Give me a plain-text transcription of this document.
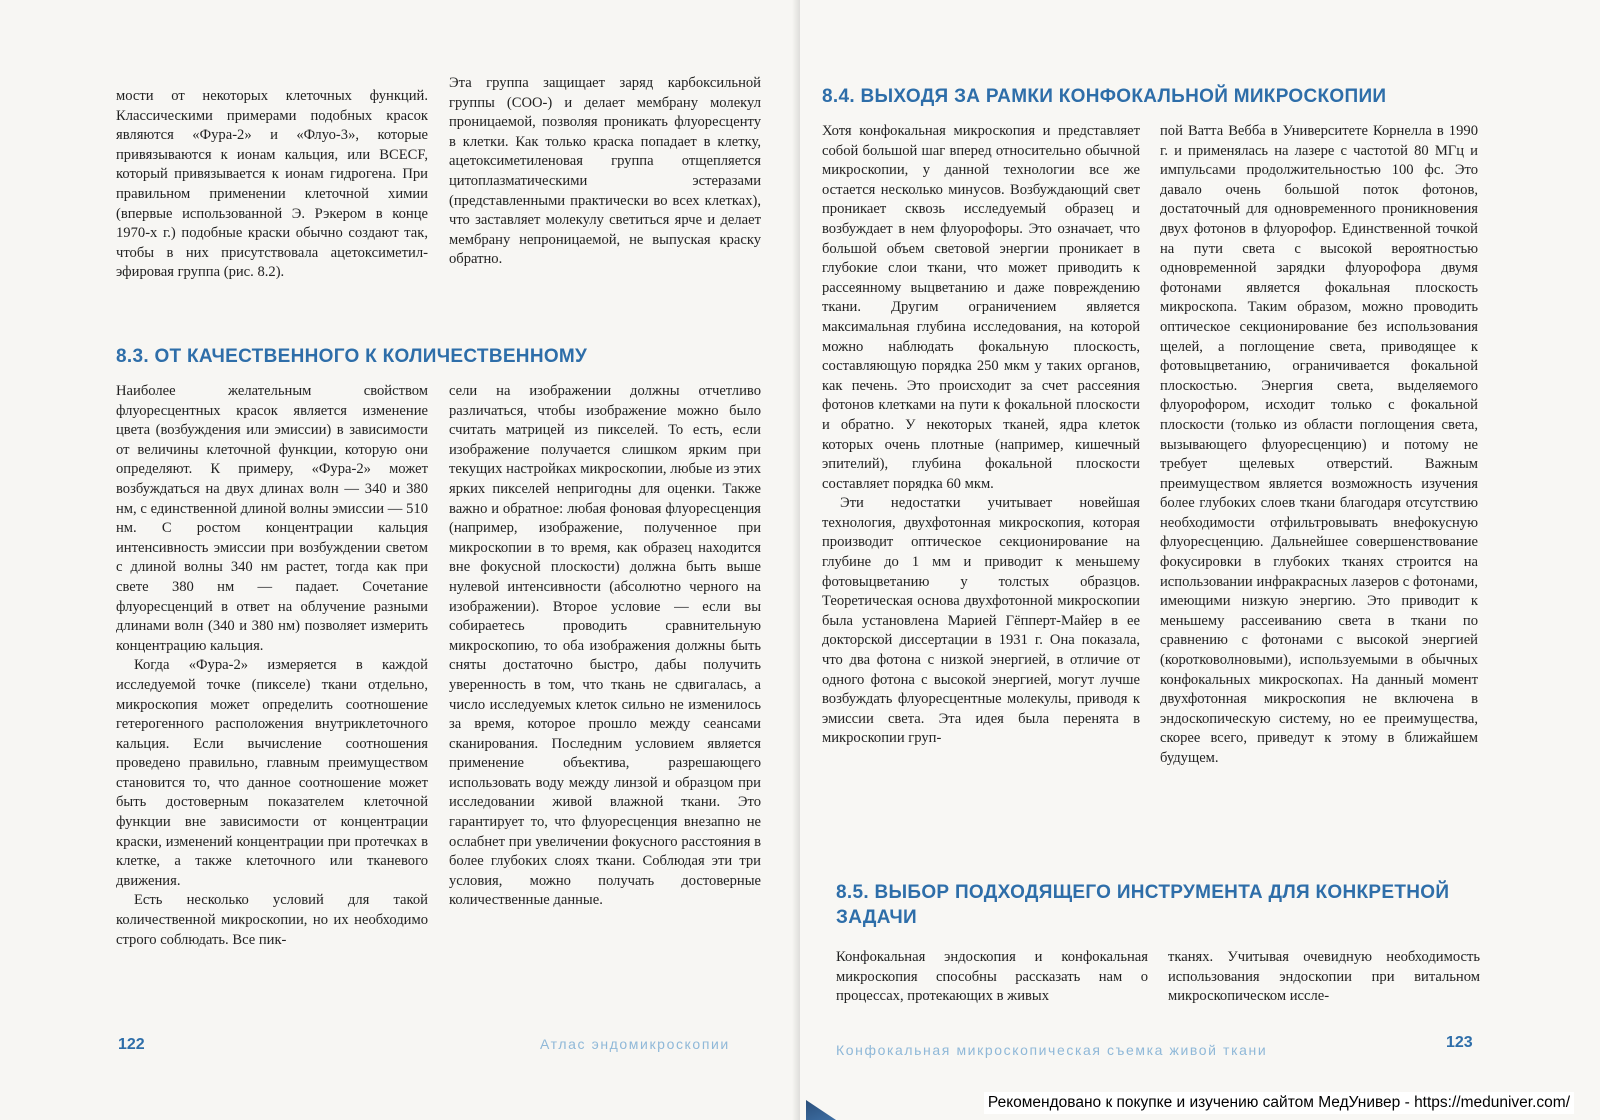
мости от некоторых клеточных функций. Классическими примерами подобных красок являются «Фура-2» и «Флуо-3», которые привязываются к ионам кальция, или BCECF, который привязывается к ионам гидрогена. При правильном применении клеточной химии (впервые использованной Э. Рэкером в конце 1970-х г.) подобные краски обычно создают так, чтобы в них присутствовала ацетоксиметил-эфировая группа (рис. 8.2).

Эта группа защищает заряд карбоксильной группы (СОО-) и делает мембрану молекул проницаемой, позволяя проникать флуоресценту в клетки. Как только краска попадает в клетку, ацетоксиметиленовая группа отщепляется цитоплазматическими эстеразами (представленными практически во всех клетках), что заставляет молекулу светиться ярче и делает мембрану непроницаемой, не выпуская краску обратно.

8.3. ОТ КАЧЕСТВЕННОГО К КОЛИЧЕСТВЕННОМУ

Наиболее желательным свойством флуоресцентных красок является изменение цвета (возбуждения или эмиссии) в зависимости от величины клеточной функции, которую они определяют. К примеру, «Фура-2» может возбуждаться на двух длинах волн — 340 и 380 нм, с единственной длиной волны эмиссии — 510 нм. С ростом концентрации кальция интенсивность эмиссии при возбуждении светом с длиной волны 340 нм растет, тогда как при свете 380 нм — падает. Сочетание флуоресценций в ответ на облучение разными длинами волн (340 и 380 нм) позволяет измерить концентрацию кальция.

Когда «Фура-2» измеряется в каждой исследуемой точке (пикселе) ткани отдельно, микроскопия может определить соотношение гетерогенного расположения внутриклеточного кальция. Если вычисление соотношения проведено правильно, главным преимуществом становится то, что данное соотношение может быть достоверным показателем клеточной функции вне зависимости от концентрации краски, изменений концентрации при протечках в клетке, а также клеточного или тканевого движения.

Есть несколько условий для такой количественной микроскопии, но их необходимо строго соблюдать. Все пик-

сели на изображении должны отчетливо различаться, чтобы изображение можно было считать матрицей из пикселей. То есть, если изображение получается слишком ярким при текущих настройках микроскопии, любые из этих ярких пикселей непригодны для оценки. Также важно и обратное: любая фоновая флуоресценция (например, изображение, полученное при микроскопии в то время, как образец находится вне фокусной плоскости) должна быть выше нулевой интенсивности (абсолютно черного на изображении). Второе условие — если вы собираетесь проводить сравнительную микроскопию, то оба изображения должны быть сняты достаточно быстро, дабы получить уверенность в том, что ткань не сдвигалась, а число исследуемых клеток сильно не изменилось за время, которое прошло между сеансами сканирования. Последним условием является применение объектива, разрешающего использовать воду между линзой и образцом при исследовании живой влажной ткани. Это гарантирует то, что флуоресценция внезапно не ослабнет при увеличении фокусного расстояния в более глубоких слоях ткани. Соблюдая эти три условия, можно получать достоверные количественные данные.

122	Атлас эндомикроскопии
8.4. ВЫХОДЯ ЗА РАМКИ КОНФОКАЛЬНОЙ МИКРОСКОПИИ

Хотя конфокальная микроскопия и представляет собой большой шаг вперед относительно обычной микроскопии, у данной технологии все же остается несколько минусов. Возбуждающий свет проникает сквозь исследуемый образец и возбуждает в нем флуорофоры. Это означает, что большой объем световой энергии проникает в глубокие слои ткани, что может приводить к рассеянному выцветанию и даже повреждению ткани. Другим ограничением является максимальная глубина исследования, на которой можно наблюдать фокальную плоскость, составляющую порядка 250 мкм у таких органов, как печень. Это происходит за счет рассеяния фотонов клетками на пути к фокальной плоскости и обратно. У некоторых тканей, ядра клеток которых очень плотные (например, кишечный эпителий), глубина фокальной плоскости составляет порядка 60 мкм.

Эти недостатки учитывает новейшая технология, двухфотонная микроскопия, которая производит оптическое секционирование на глубине до 1 мм и приводит к меньшему фотовыцветанию у толстых образцов. Теоретическая основа двухфотонной микроскопии была установлена Марией Гёпперт-Майер в ее докторской диссертации в 1931 г. Она показала, что два фотона с низкой энергией, в отличие от одного фотона с высокой энергией, могут лучше возбуждать флуоресцентные молекулы, приводя к эмиссии света. Эта идея была перенята в микроскопии груп-

пой Ватта Вебба в Университете Корнелла в 1990 г. и применялась на лазере с частотой 80 МГц и импульсами продолжительностью 100 фс. Это давало очень большой поток фотонов, достаточный для одновременного проникновения двух фотонов в флуорофор. Единственной точкой на пути света с высокой вероятностью одновременной зарядки флуорофора двумя фотонами является фокальная плоскость микроскопа. Таким образом, можно проводить оптическое секционирование без использования щелей, а поглощение света, приводящее к фотовыцветанию, ограничивается фокальной плоскостью. Энергия света, выделяемого флуорофором, исходит только с фокальной плоскости (только из области поглощения света, вызывающего флуоресценцию) и потому не требует щелевых отверстий. Важным преимуществом является возможность изучения более глубоких слоев ткани благодаря отсутствию необходимости отфильтровывать внефокусную флуоресценцию. Дальнейшее совершенствование фокусировки в глубоких тканях строится на использовании инфракрасных лазеров с фотонами, имеющими низкую энергию. Это приводит к меньшему рассеиванию света в ткани по сравнению с фотонами с высокой энергией (коротковолновыми), используемыми в обычных конфокальных микроскопах. На данный момент двухфотонная микроскопия не включена в эндоскопическую систему, но ее преимущества, скорее всего, приведут к этому в ближайшем будущем.

8.5. ВЫБОР ПОДХОДЯЩЕГО ИНСТРУМЕНТА ДЛЯ КОНКРЕТНОЙ ЗАДАЧИ

Конфокальная эндоскопия и конфокальная микроскопия способны рассказать нам о процессах, протекающих в живых

тканях. Учитывая очевидную необходимость использования эндоскопии при витальном микроскопическом иссле-

Конфокальная микроскопическая съемка живой ткани	123
Рекомендовано к покупке и изучению сайтом МедУнивер - https://meduniver.com/
